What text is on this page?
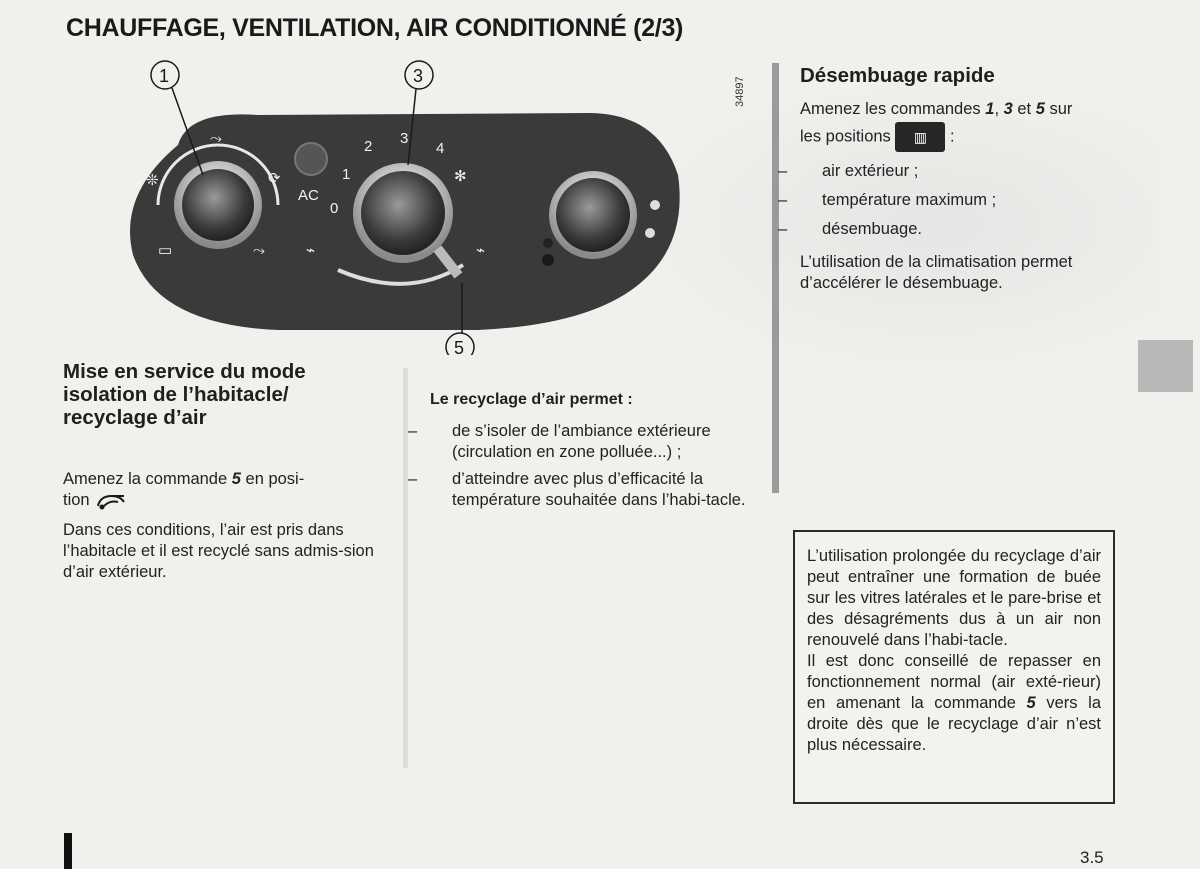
CHAUFFAGE, VENTILATION, AIR CONDITIONNÉ (2/3)
❊
⤳
⟳
▭	⤳
AC
0
1
2 3
4
✻
⌁	⌁
1	3
5
34897
Mise en service du mode
isolation de l’habitacle/
recyclage d’air

Amenez la commande 5 en posi-
tion

Dans ces conditions, l’air est pris dans l’habitacle et il est recyclé sans admis-sion d’air extérieur.

Le recyclage d’air permet :

– de s’isoler de l’ambiance extérieure (circulation en zone polluée...) ;

– d’atteindre avec plus d’efficacité la température souhaitée dans l’habi-tacle.

Désembuage rapide

Amenez les commandes 1, 3 et 5 sur
les positions ▥ :

– air extérieur ;

– température maximum ;

– désembuage.

L’utilisation de la climatisation permet d’accélérer le désembuage.

L’utilisation prolongée du recyclage d’air peut entraîner une formation de buée sur les vitres latérales et le pare-brise et des désagréments dus à un air non renouvelé dans l’habi-tacle.

Il est donc conseillé de repasser en fonctionnement normal (air exté-rieur) en amenant la commande 5 vers la droite dès que le recyclage d’air n’est plus nécessaire.

3.5
